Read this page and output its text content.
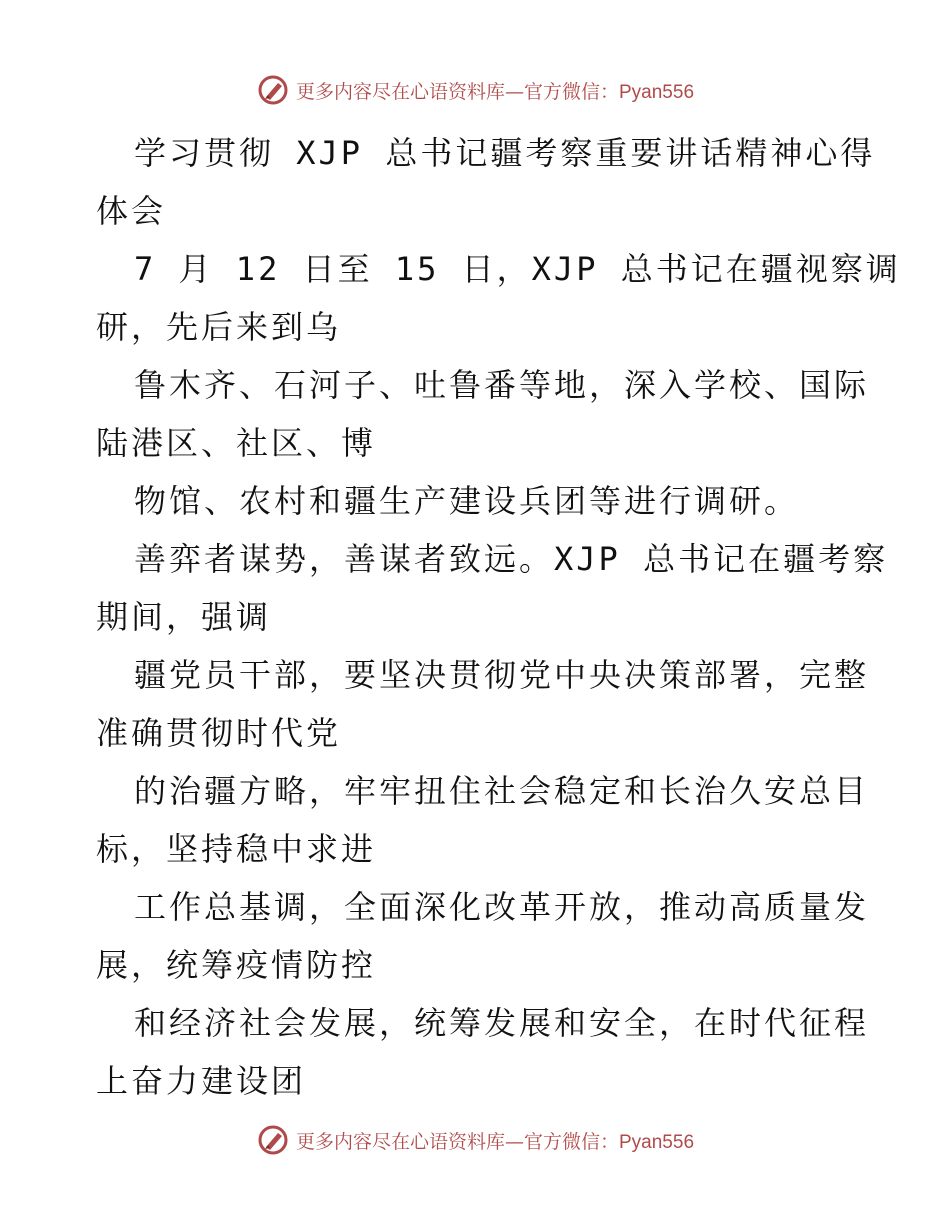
更多内容尽在心语资料库—官方微信：Pyan556
学习贯彻 XJP 总书记疆考察重要讲话精神心得
体会
7 月 12 日至 15 日，XJP 总书记在疆视察调
研，先后来到乌
鲁木齐、石河子、吐鲁番等地，深入学校、国际
陆港区、社区、博
物馆、农村和疆生产建设兵团等进行调研。
善弈者谋势，善谋者致远。XJP 总书记在疆考察
期间，强调
疆党员干部，要坚决贯彻党中央决策部署，完整
准确贯彻时代党
的治疆方略，牢牢扭住社会稳定和长治久安总目
标，坚持稳中求进
工作总基调，全面深化改革开放，推动高质量发
展，统筹疫情防控
和经济社会发展，统筹发展和安全，在时代征程
上奋力建设团
更多内容尽在心语资料库—官方微信：Pyan556
